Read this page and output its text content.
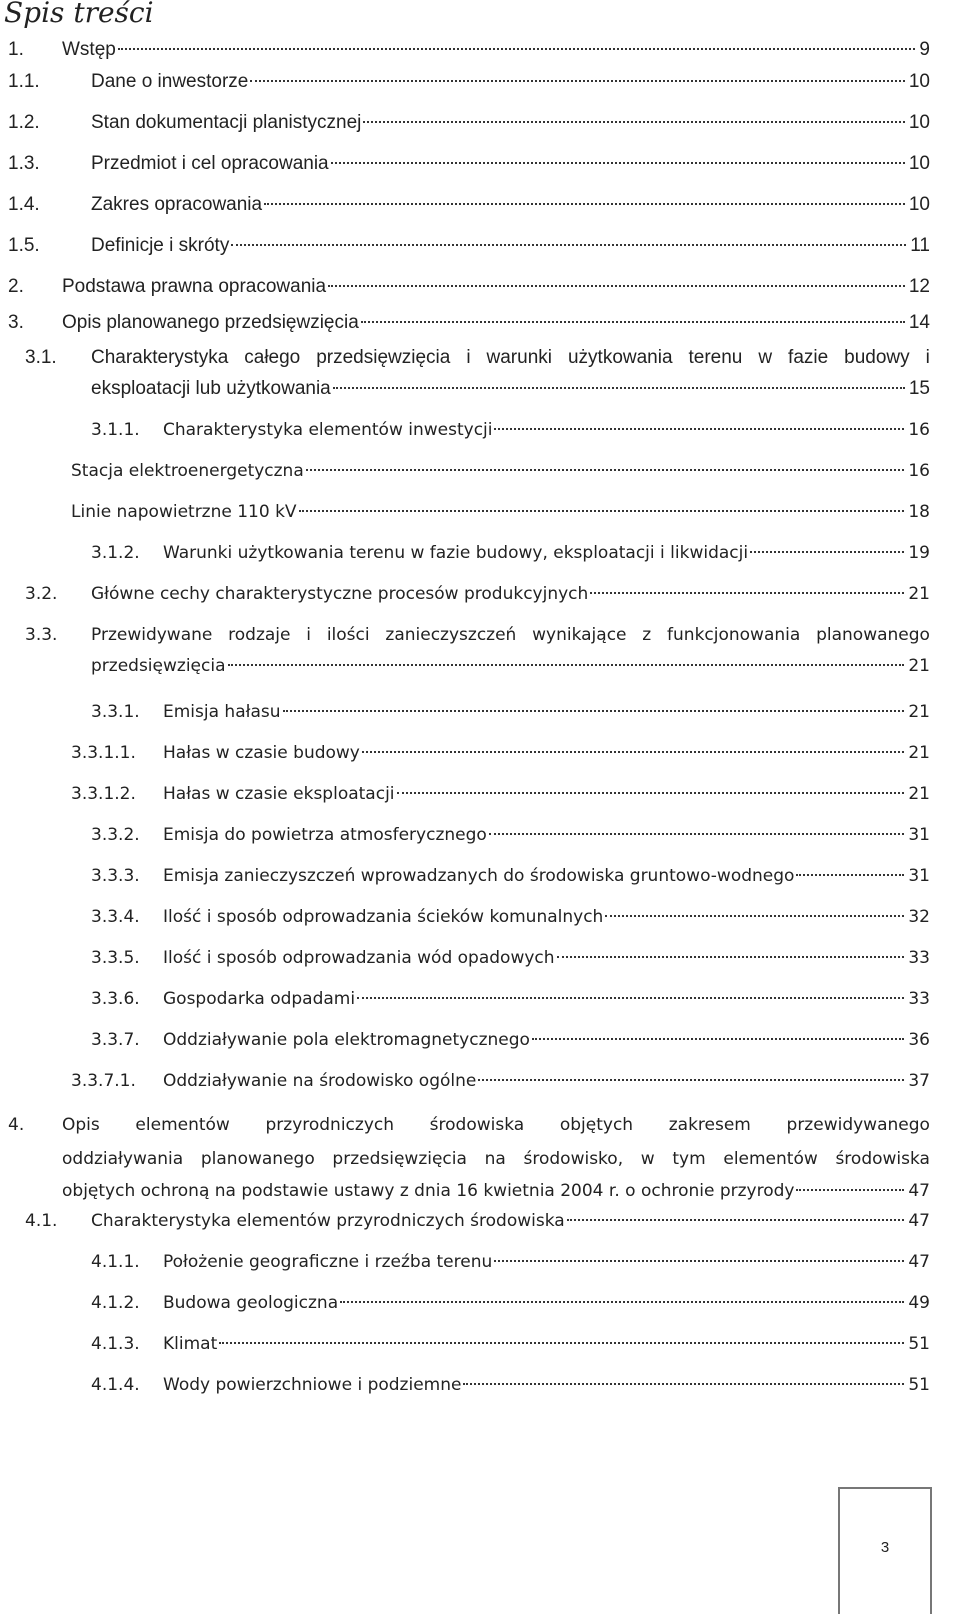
Spis treści
1. Wstęp	9
1.1.	Dane o inwestorze	10
1.2.	Stan dokumentacji planistycznej	10
1.3.	Przedmiot i cel opracowania	10
1.4.	Zakres opracowania	10
1.5.	Definicje i skróty	11
2. Podstawa prawna opracowania	12
3. Opis planowanego przedsięwzięcia	14
3.1. Charakterystyka całego przedsięwzięcia i warunki użytkowania terenu w fazie budowy i
eksploatacji lub użytkowania	15
3.1.1. Charakterystyka elementów inwestycji	16
Stacja elektroenergetyczna	16
Linie napowietrzne 110 kV	18
3.1.2. Warunki użytkowania terenu w fazie budowy, eksploatacji i likwidacji	19
3.2. Główne cechy charakterystyczne procesów produkcyjnych	21
3.3. Przewidywane rodzaje i ilości zanieczyszczeń wynikające z funkcjonowania planowanego
przedsięwzięcia	21
3.3.1. Emisja hałasu	21
3.3.1.1. Hałas w czasie budowy	21
3.3.1.2. Hałas w czasie eksploatacji	21
3.3.2. Emisja do powietrza atmosferycznego	31
3.3.3. Emisja zanieczyszczeń wprowadzanych do środowiska gruntowo-wodnego	31
3.3.4. Ilość i sposób odprowadzania ścieków komunalnych	32
3.3.5. Ilość i sposób odprowadzania wód opadowych	33
3.3.6. Gospodarka odpadami	33
3.3.7. Oddziaływanie pola elektromagnetycznego	36
3.3.7.1. Oddziaływanie na środowisko ogólne	37
4. Opis elementów przyrodniczych środowiska objętych zakresem przewidywanego
oddziaływania planowanego przedsięwzięcia na środowisko, w tym elementów środowiska
objętych ochroną na podstawie ustawy z dnia 16 kwietnia 2004 r. o ochronie przyrody	47
4.1. Charakterystyka elementów przyrodniczych środowiska	47
4.1.1. Położenie geograficzne i rzeźba terenu	47
4.1.2. Budowa geologiczna	49
4.1.3. Klimat	51
4.1.4. Wody powierzchniowe i podziemne	51
3
